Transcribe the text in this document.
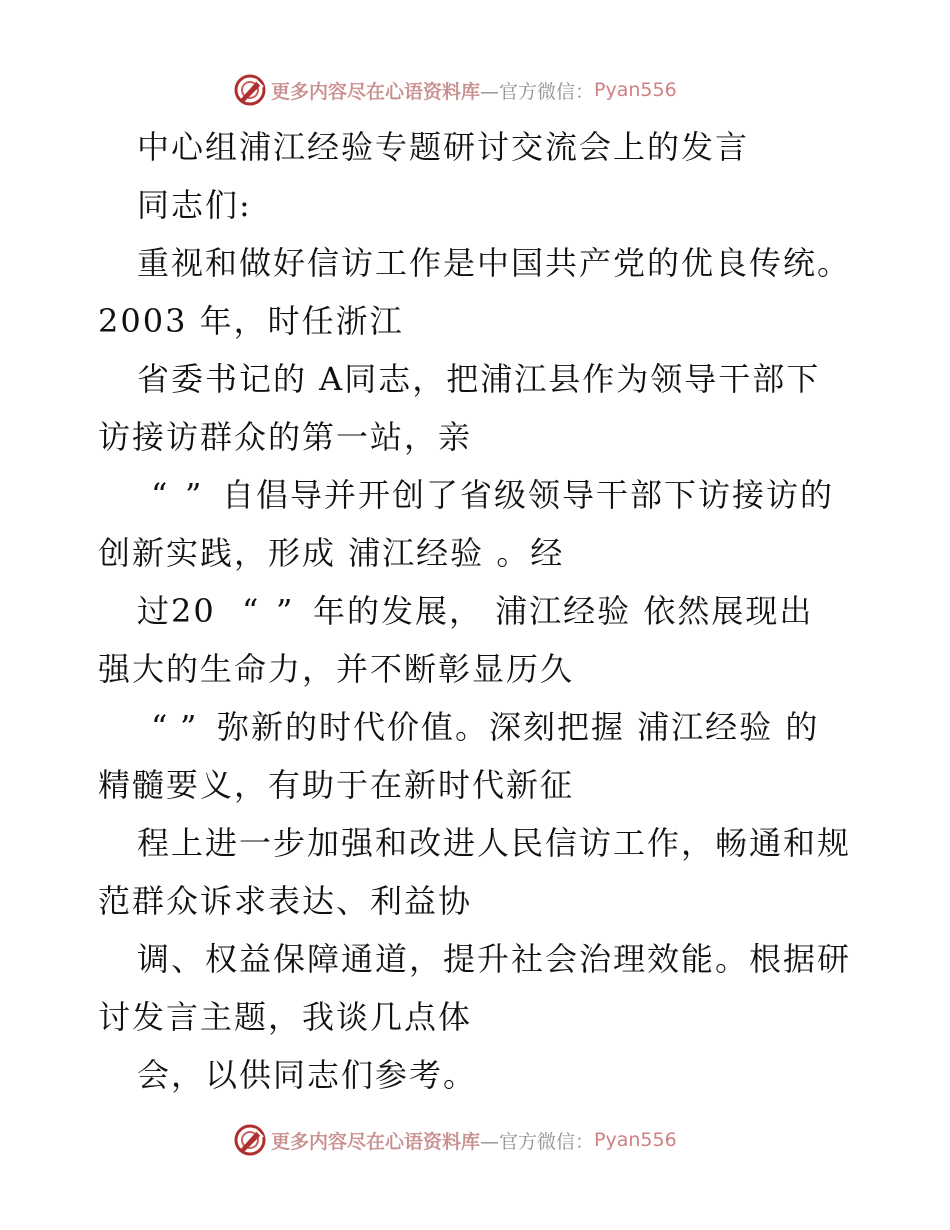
更多内容尽在心语资料库 —官方微信： Pyan556
中心组浦江经验专题研讨交流会上的发言
同志们:
重视和做好信访工作是中国共产党的优良传统。
2003 年，时任浙江
省委书记的 A同志，把浦江县作为领导干部下
访接访群众的第一站，亲
“ ” 自倡导并开创了省级领导干部下访接访的
创新实践，形成 浦江经验 。经
过20 “ ” 年的发展， 浦江经验 依然展现出
强大的生命力，并不断彰显历久
“ ” 弥新的时代价值。深刻把握 浦江经验 的
精髓要义，有助于在新时代新征
程上进一步加强和改进人民信访工作，畅通和规
范群众诉求表达、利益协
调、权益保障通道，提升社会治理效能。根据研
讨发言主题，我谈几点体
会，以供同志们参考。
更多内容尽在心语资料库 —官方微信： Pyan556
